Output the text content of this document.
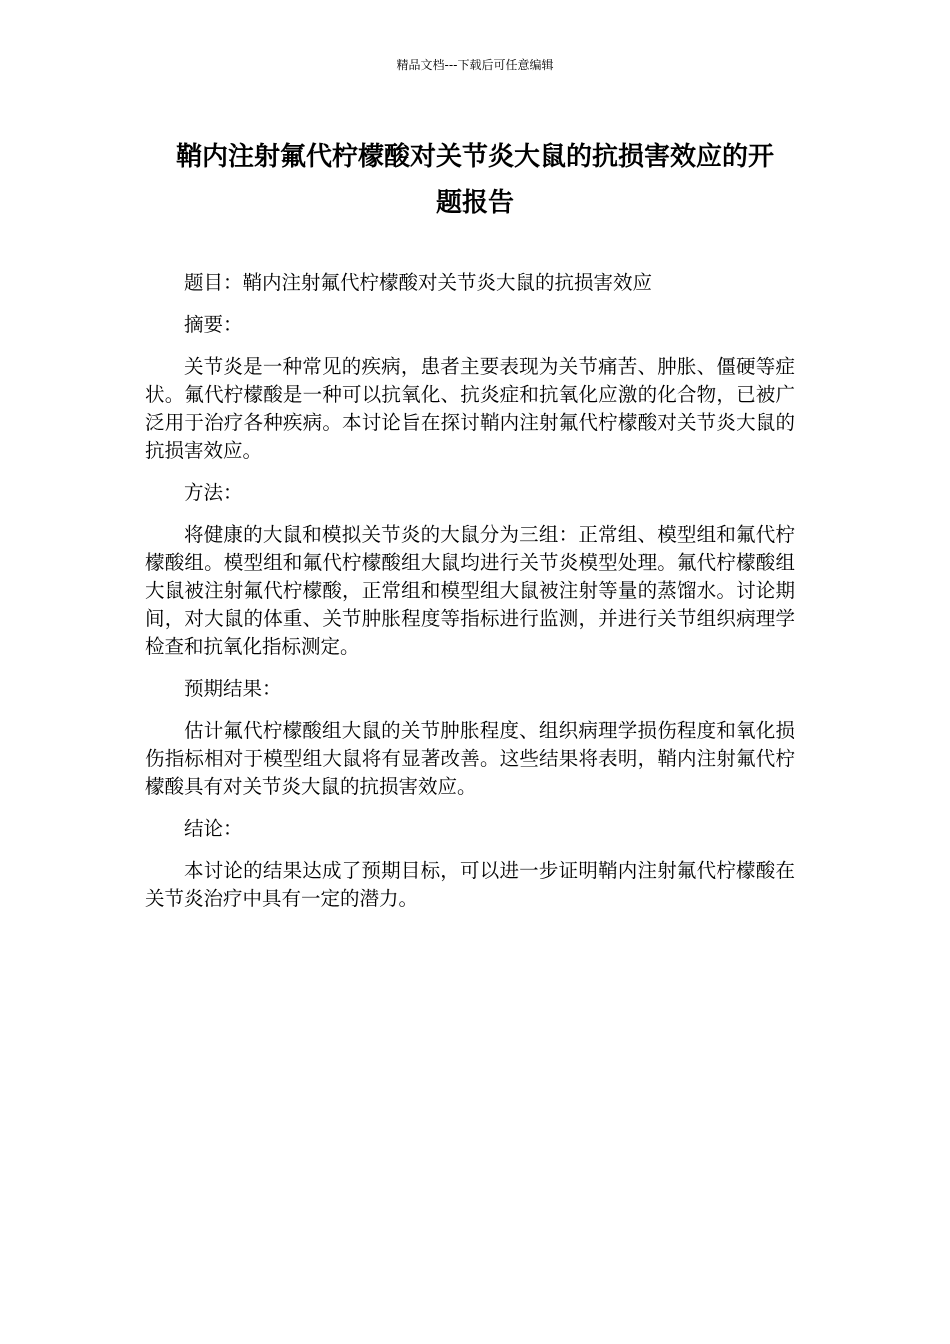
精品文档---下载后可任意编辑
鞘内注射氟代柠檬酸对关节炎大鼠的抗损害效应的开
题报告

题目：鞘内注射氟代柠檬酸对关节炎大鼠的抗损害效应

摘要：

关节炎是一种常见的疾病，患者主要表现为关节痛苦、肿胀、僵硬等症状。氟代柠檬酸是一种可以抗氧化、抗炎症和抗氧化应激的化合物，已被广泛用于治疗各种疾病。本讨论旨在探讨鞘内注射氟代柠檬酸对关节炎大鼠的抗损害效应。

方法：

将健康的大鼠和模拟关节炎的大鼠分为三组：正常组、模型组和氟代柠檬酸组。模型组和氟代柠檬酸组大鼠均进行关节炎模型处理。氟代柠檬酸组大鼠被注射氟代柠檬酸，正常组和模型组大鼠被注射等量的蒸馏水。讨论期间，对大鼠的体重、关节肿胀程度等指标进行监测，并进行关节组织病理学检查和抗氧化指标测定。

预期结果：

估计氟代柠檬酸组大鼠的关节肿胀程度、组织病理学损伤程度和氧化损伤指标相对于模型组大鼠将有显著改善。这些结果将表明，鞘内注射氟代柠檬酸具有对关节炎大鼠的抗损害效应。

结论：

本讨论的结果达成了预期目标，可以进一步证明鞘内注射氟代柠檬酸在关节炎治疗中具有一定的潜力。
